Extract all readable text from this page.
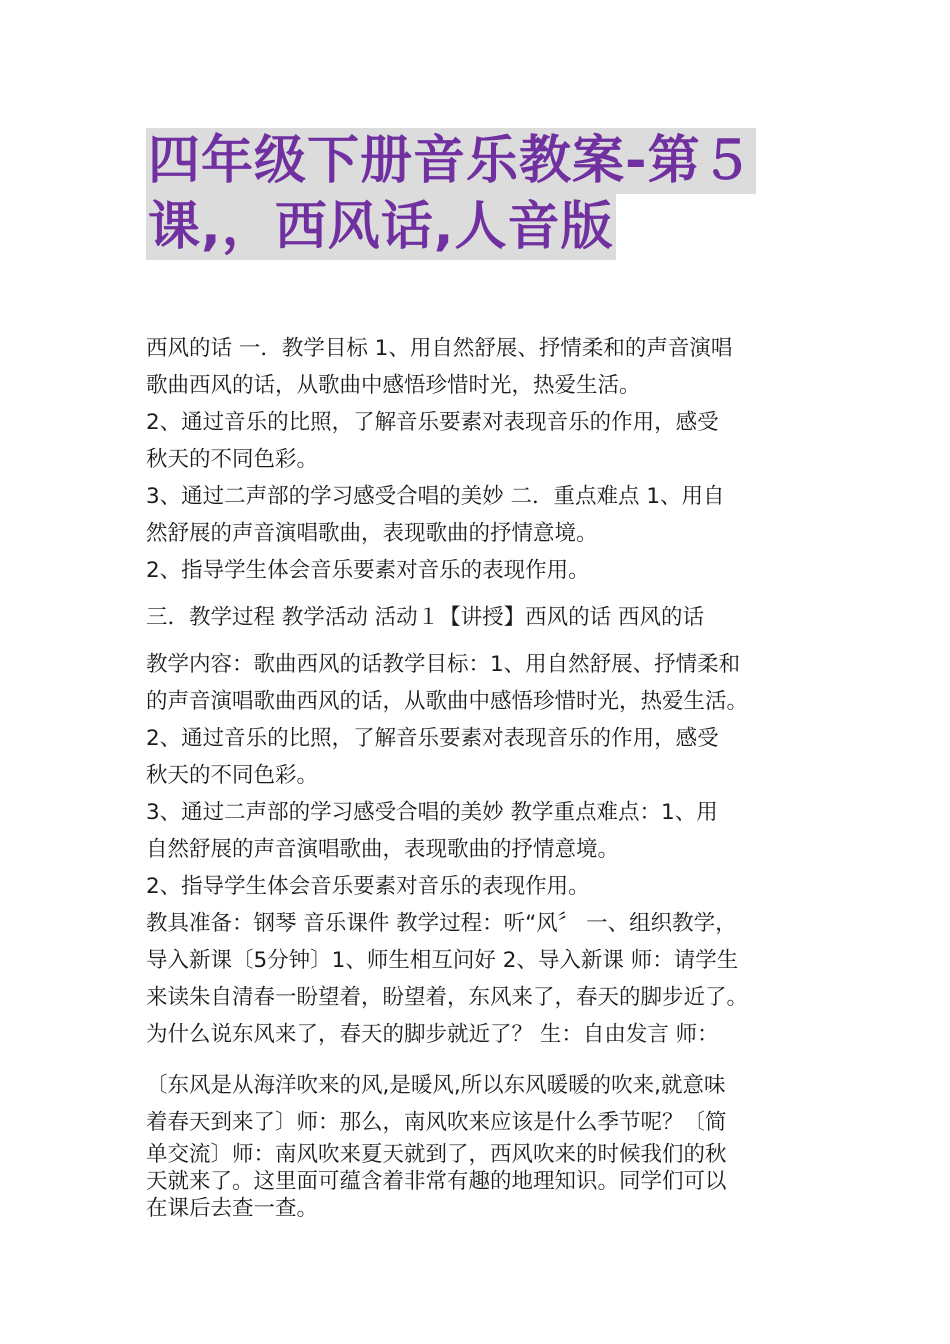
四年级下册音乐教案-第５
课,，西风话,人音版

西风的话 一．教学目标 1、用自然舒展、抒情柔和的声音演唱

歌曲西风的话，从歌曲中感悟珍惜时光，热爱生活。

2、通过音乐的比照，了解音乐要素对表现音乐的作用，感受

秋天的不同色彩。

3、通过二声部的学习感受合唱的美妙 二．重点难点 1、用自

然舒展的声音演唱歌曲，表现歌曲的抒情意境。

2、指导学生体会音乐要素对音乐的表现作用。

三．教学过程 教学活动 活动１【讲授】西风的话 西风的话

教学内容：歌曲西风的话教学目标：1、用自然舒展、抒情柔和

的声音演唱歌曲西风的话，从歌曲中感悟珍惜时光，热爱生活。

2、通过音乐的比照，了解音乐要素对表现音乐的作用，感受

秋天的不同色彩。

3、通过二声部的学习感受合唱的美妙 教学重点难点：1、用

自然舒展的声音演唱歌曲，表现歌曲的抒情意境。

2、指导学生体会音乐要素对音乐的表现作用。

教具准备：钢琴 音乐课件 教学过程：听“风〞 一、组织教学，

导入新课〔5分钟〕1、师生相互问好 2、导入新课 师：请学生

来读朱自清春一盼望着，盼望着，东风来了，春天的脚步近了。

为什么说东风来了，春天的脚步就近了？ 生：自由发言 师：

〔东风是从海洋吹来的风,是暖风,所以东风暖暖的吹来,就意味

着春天到来了〕师：那么，南风吹来应该是什么季节呢？〔简

单交流〕师：南风吹来夏天就到了，西风吹来的时候我们的秋

天就来了。这里面可蕴含着非常有趣的地理知识。同学们可以

在课后去查一查。
